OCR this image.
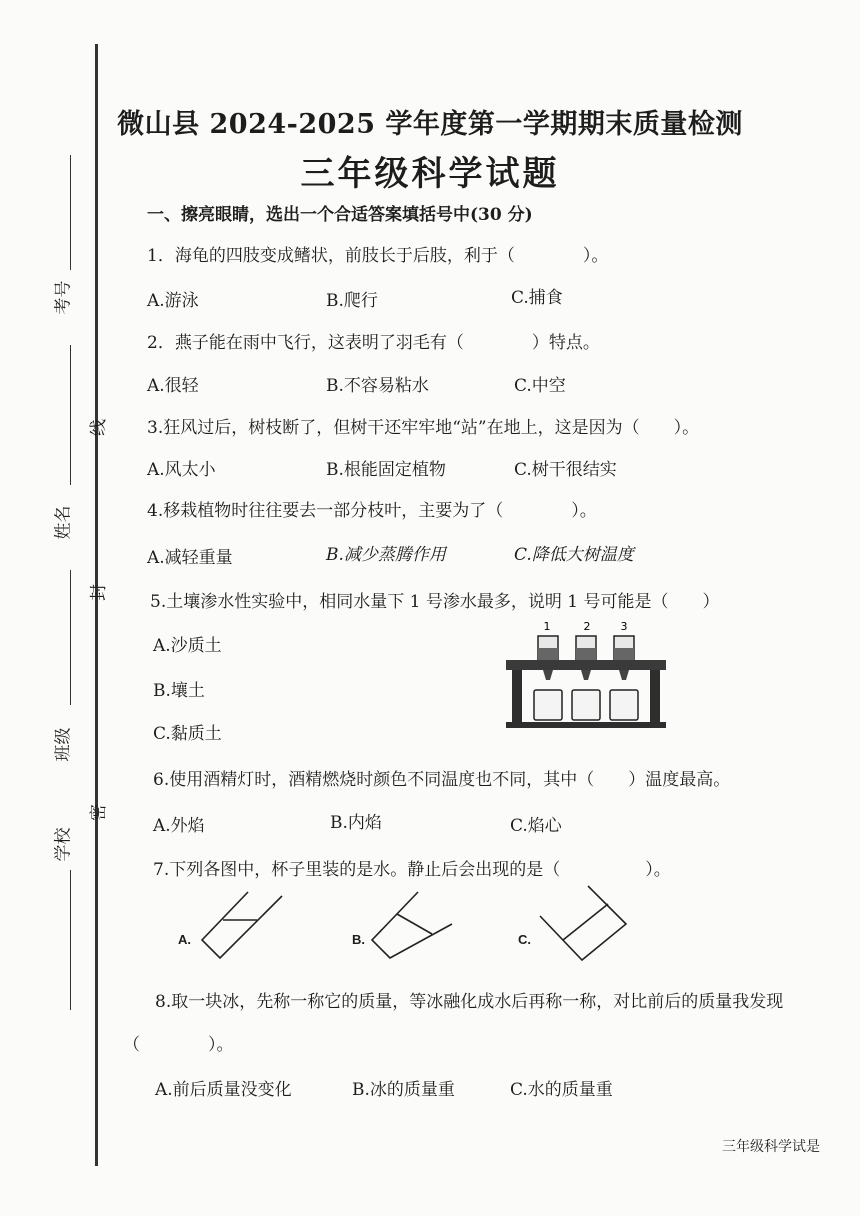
考号
线
姓名
封
班级
密
学校
微山县 2024-2025 学年度第一学期期末质量检测
三年级科学试题
一、擦亮眼睛，选出一个合适答案填括号中(30 分)
1．海龟的四肢变成鳍状，前肢长于后肢，利于（　　　　）。
A.游泳	B.爬行	C.捕食
2．燕子能在雨中飞行，这表明了羽毛有（　　　　）特点。
A.很轻	B.不容易粘水	C.中空
3.狂风过后，树枝断了，但树干还牢牢地“站”在地上，这是因为（　　）。
A.风太小	B.根能固定植物	C.树干很结实
4.移栽植物时往往要去一部分枝叶，主要为了（　　　　）。
A.减轻重量	B.减少蒸腾作用	C.降低大树温度
5.土壤渗水性实验中，相同水量下 1 号渗水最多，说明 1 号可能是（　　）
A.沙质土
B.壤土
C.黏质土
1	2	3
6.使用酒精灯时，酒精燃烧时颜色不同温度也不同，其中（　　）温度最高。
A.外焰	B.内焰	C.焰心
7.下列各图中，杯子里装的是水。静止后会出现的是（　　　　　）。
A.	B.	C.
8.取一块冰，先称一称它的质量，等冰融化成水后再称一称，对比前后的质量我发现
（　　　　）。
A.前后质量没变化	B.冰的质量重	C.水的质量重
三年级科学试是
